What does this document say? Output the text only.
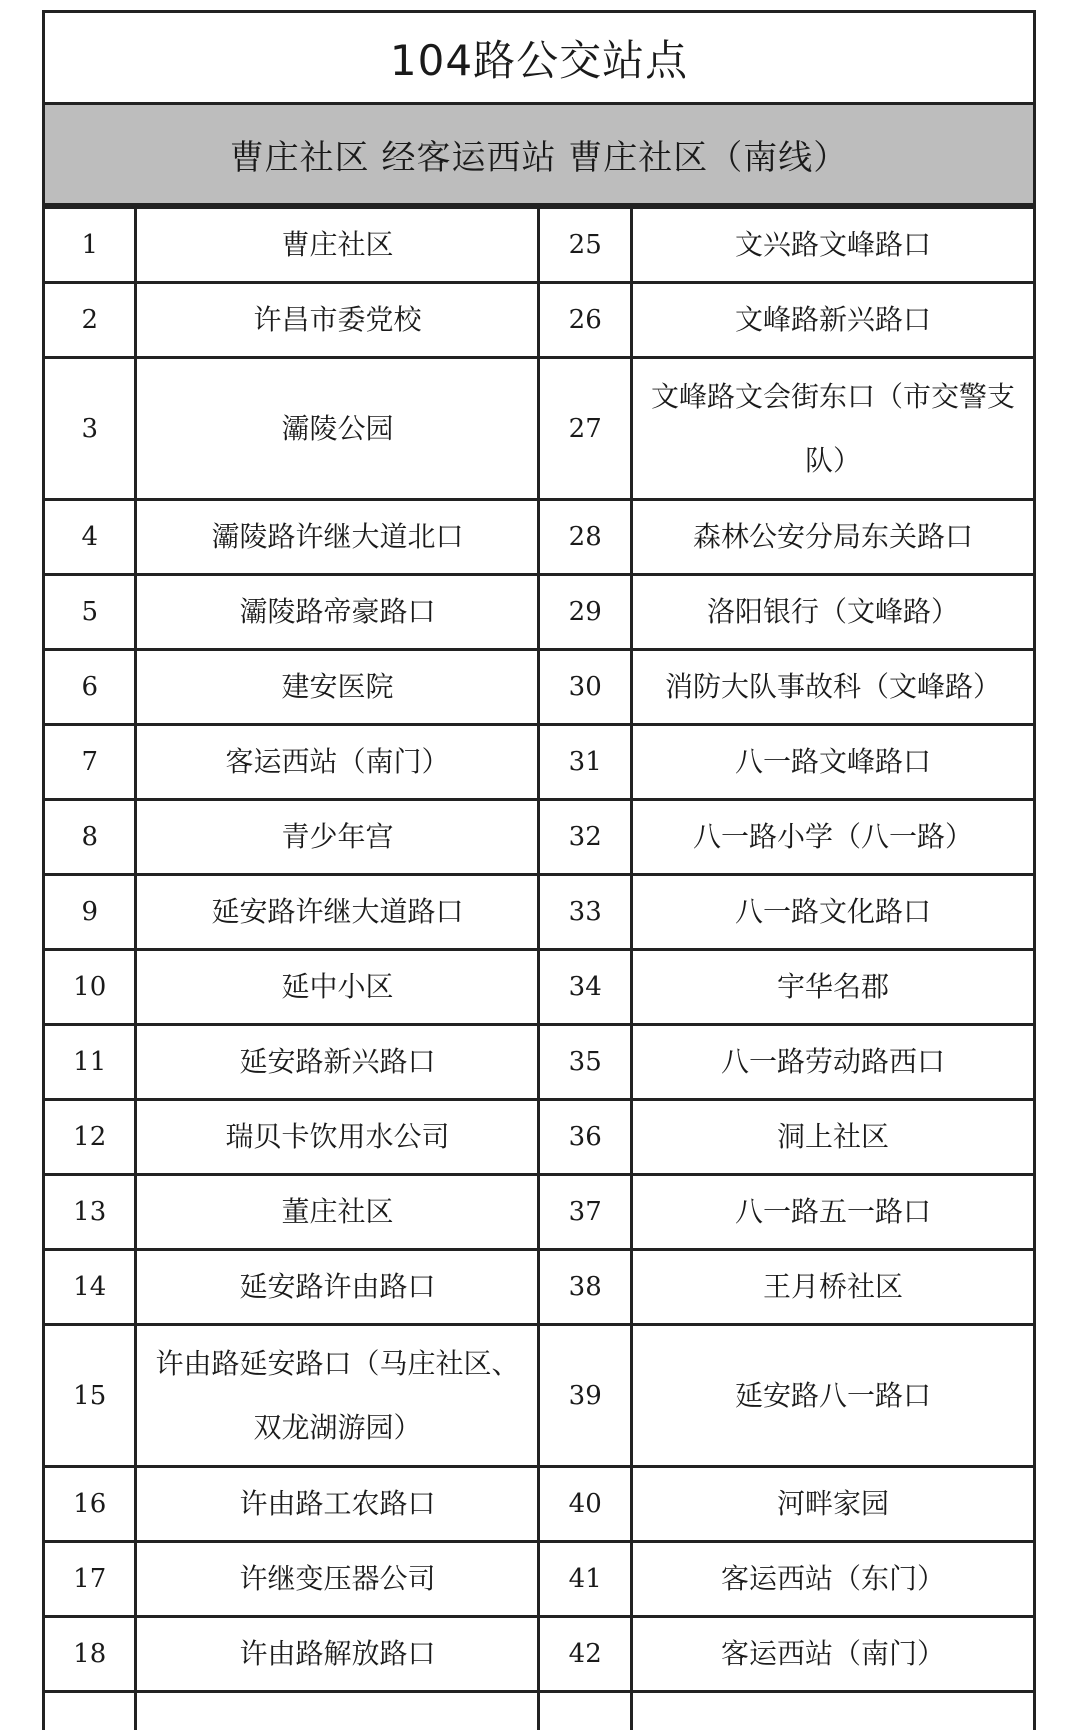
104路公交站点
曹庄社区 经客运西站 曹庄社区（南线）
1	曹庄社区	25	文兴路文峰路口
2	许昌市委党校	26	文峰路新兴路口
3	灞陵公园	27	文峰路文会街东口（市交警支队）
4	灞陵路许继大道北口	28	森林公安分局东关路口
5	灞陵路帝豪路口	29	洛阳银行（文峰路）
6	建安医院	30	消防大队事故科（文峰路）
7	客运西站（南门）	31	八一路文峰路口
8	青少年宫	32	八一路小学（八一路）
9	延安路许继大道路口	33	八一路文化路口
10	延中小区	34	宇华名郡
11	延安路新兴路口	35	八一路劳动路西口
12	瑞贝卡饮用水公司	36	洞上社区
13	董庄社区	37	八一路五一路口
14	延安路许由路口	38	王月桥社区
15	许由路延安路口（马庄社区、双龙湖游园）	39	延安路八一路口
16	许由路工农路口	40	河畔家园
17	许继变压器公司	41	客运西站（东门）
18	许由路解放路口	42	客运西站（南门）
